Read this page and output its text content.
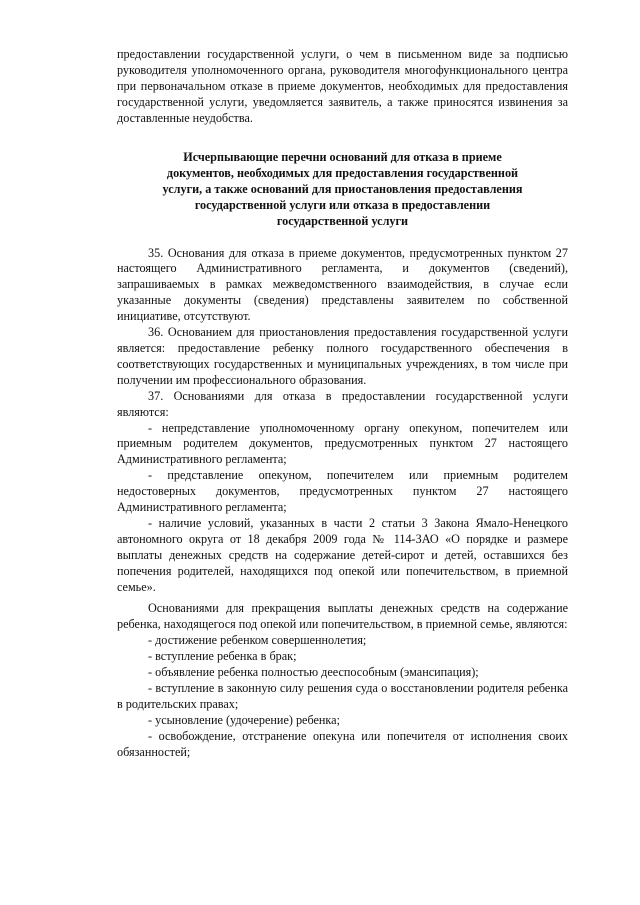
предоставлении государственной услуги, о чем в письменном виде за подписью руководителя уполномоченного органа, руководителя многофункционального центра при первоначальном отказе в приеме документов, необходимых для предоставления государственной услуги, уведомляется заявитель, а также приносятся извинения за доставленные неудобства.

Исчерпывающие перечни оснований для отказа в приеме
документов, необходимых для предоставления государственной
услуги, а также оснований для приостановления предоставления
государственной услуги или отказа в предоставлении
государственной услуги

35. Основания для отказа в приеме документов, предусмотренных пунктом 27 настоящего Административного регламента, и документов (сведений), запрашиваемых в рамках межведомственного взаимодействия, в случае если указанные документы (сведения) представлены заявителем по собственной инициативе, отсутствуют.

36. Основанием для приостановления предоставления государственной услуги является: предоставление ребенку полного государственного обеспечения в соответствующих государственных и муниципальных учреждениях, в том числе при получении им профессионального образования.

37. Основаниями для отказа в предоставлении государственной услуги являются:

- непредставление уполномоченному органу опекуном, попечителем или приемным родителем документов, предусмотренных пунктом 27 настоящего Административного регламента;

- представление опекуном, попечителем или приемным родителем недостоверных документов, предусмотренных пунктом 27 настоящего Административного регламента;

- наличие условий, указанных в части 2 статьи 3 Закона Ямало-Ненецкого автономного округа от 18 декабря 2009 года № 114-ЗАО «О порядке и размере выплаты денежных средств на содержание детей-сирот и детей, оставшихся без попечения родителей, находящихся под опекой или попечительством, в приемной семье».

Основаниями для прекращения выплаты денежных средств на содержание ребенка, находящегося под опекой или попечительством, в приемной семье, являются:

- достижение ребенком совершеннолетия;

- вступление ребенка в брак;

- объявление ребенка полностью дееспособным (эмансипация);

- вступление в законную силу решения суда о восстановлении родителя ребенка в родительских правах;

- усыновление (удочерение) ребенка;

- освобождение, отстранение опекуна или попечителя от исполнения своих обязанностей;
